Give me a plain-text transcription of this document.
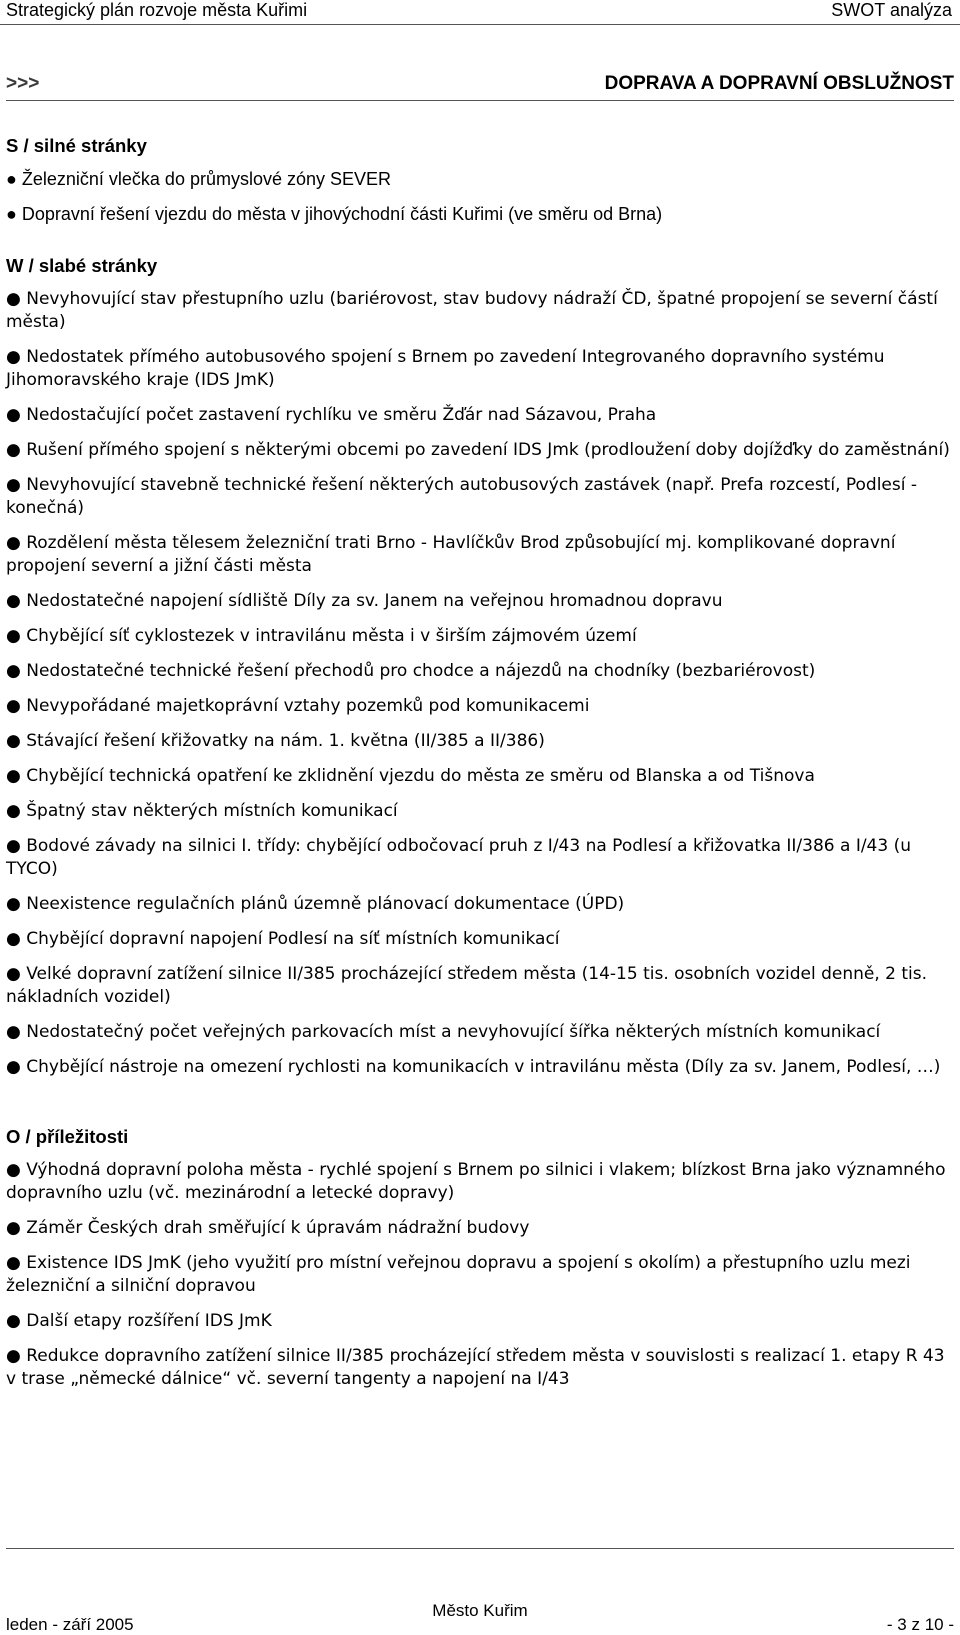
Strategický plán rozvoje města Kuřimi	SWOT analýza
>>>	DOPRAVA A DOPRAVNÍ OBSLUŽNOST
S / silné stránky
● Železniční vlečka do průmyslové zóny SEVER
● Dopravní řešení vjezdu do města v jihovýchodní části Kuřimi (ve směru od Brna)
W / slabé stránky
● Nevyhovující stav přestupního uzlu (bariérovost, stav budovy nádraží ČD, špatné propojení se severní částí města)
● Nedostatek přímého autobusového spojení s Brnem po zavedení Integrovaného dopravního systému Jihomoravského kraje (IDS JmK)
● Nedostačující počet zastavení rychlíku ve směru Žďár nad Sázavou, Praha
● Rušení přímého spojení s některými obcemi po zavedení IDS Jmk (prodloužení doby dojížďky do zaměstnání)
● Nevyhovující stavebně technické řešení některých autobusových zastávek (např. Prefa rozcestí, Podlesí - konečná)
● Rozdělení města tělesem železniční trati Brno - Havlíčkův Brod způsobující mj. komplikované dopravní propojení severní a jižní části města
● Nedostatečné napojení sídliště Díly za sv. Janem na veřejnou hromadnou dopravu
● Chybějící síť cyklostezek v intravilánu města i v širším zájmovém území
● Nedostatečné technické řešení přechodů pro chodce a nájezdů na chodníky (bezbariérovost)
● Nevypořádané majetkoprávní vztahy pozemků pod komunikacemi
● Stávající řešení křižovatky na nám. 1. května (II/385 a II/386)
● Chybějící technická opatření ke zklidnění vjezdu do města ze směru od Blanska a od Tišnova
● Špatný stav některých místních komunikací
● Bodové závady na silnici I. třídy: chybějící odbočovací pruh z I/43 na Podlesí a křižovatka II/386 a I/43 (u TYCO)
● Neexistence regulačních plánů územně plánovací dokumentace (ÚPD)
● Chybějící dopravní napojení Podlesí na síť místních komunikací
● Velké dopravní zatížení silnice II/385 procházející středem města (14-15 tis. osobních vozidel denně, 2 tis. nákladních vozidel)
● Nedostatečný počet veřejných parkovacích míst a nevyhovující šířka některých místních komunikací
● Chybějící nástroje na omezení rychlosti na komunikacích v intravilánu města (Díly za sv. Janem, Podlesí, …)
O / příležitosti
● Výhodná dopravní poloha města - rychlé spojení s Brnem po silnici i vlakem; blízkost Brna jako významného dopravního uzlu (vč. mezinárodní a letecké dopravy)
● Záměr Českých drah směřující k úpravám nádražní budovy
● Existence IDS JmK (jeho využití pro místní veřejnou dopravu a spojení s okolím) a přestupního uzlu mezi železniční a silniční dopravou
● Další etapy rozšíření IDS JmK
● Redukce dopravního zatížení silnice II/385 procházející středem města v souvislosti s realizací 1. etapy R 43 v trase „německé dálnice“ vč. severní tangenty a napojení na I/43
Město Kuřim
leden - září 2005	- 3 z 10 -
